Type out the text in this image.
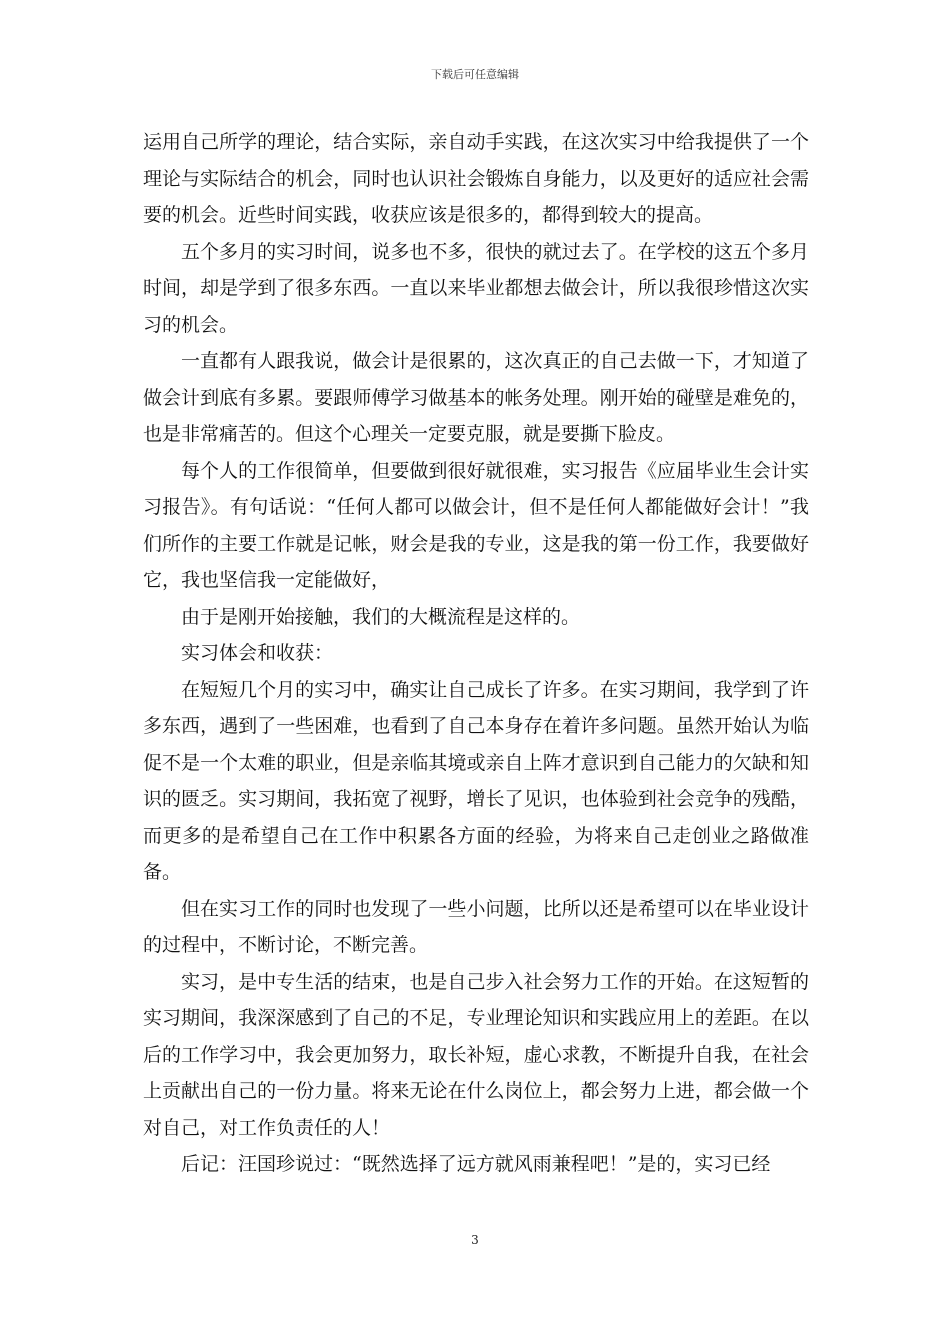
下载后可任意编辑

运用自己所学的理论，结合实际，亲自动手实践，在这次实习中给我提供了一个理论与实际结合的机会，同时也认识社会锻炼自身能力，以及更好的适应社会需要的机会。近些时间实践，收获应该是很多的，都得到较大的提高。

五个多月的实习时间，说多也不多，很快的就过去了。在学校的这五个多月时间，却是学到了很多东西。一直以来毕业都想去做会计，所以我很珍惜这次实习的机会。

一直都有人跟我说，做会计是很累的，这次真正的自己去做一下，才知道了做会计到底有多累。要跟师傅学习做基本的帐务处理。刚开始的碰壁是难免的，也是非常痛苦的。但这个心理关一定要克服，就是要撕下脸皮。

每个人的工作很简单，但要做到很好就很难，实习报告《应届毕业生会计实习报告》。有句话说：“任何人都可以做会计，但不是任何人都能做好会计！”我们所作的主要工作就是记帐，财会是我的专业，这是我的第一份工作，我要做好它，我也坚信我一定能做好，

由于是刚开始接触，我们的大概流程是这样的。

实习体会和收获：

在短短几个月的实习中，确实让自己成长了许多。在实习期间，我学到了许多东西，遇到了一些困难，也看到了自己本身存在着许多问题。虽然开始认为临促不是一个太难的职业，但是亲临其境或亲自上阵才意识到自己能力的欠缺和知识的匮乏。实习期间，我拓宽了视野，增长了见识，也体验到社会竞争的残酷，而更多的是希望自己在工作中积累各方面的经验，为将来自己走创业之路做准备。

但在实习工作的同时也发现了一些小问题，比所以还是希望可以在毕业设计的过程中，不断讨论，不断完善。

实习，是中专生活的结束，也是自己步入社会努力工作的开始。在这短暂的实习期间，我深深感到了自己的不足，专业理论知识和实践应用上的差距。在以后的工作学习中，我会更加努力，取长补短，虚心求教，不断提升自我，在社会上贡献出自己的一份力量。将来无论在什么岗位上，都会努力上进，都会做一个对自己，对工作负责任的人！

后记：汪国珍说过：“既然选择了远方就风雨兼程吧！”是的，实习已经

3
